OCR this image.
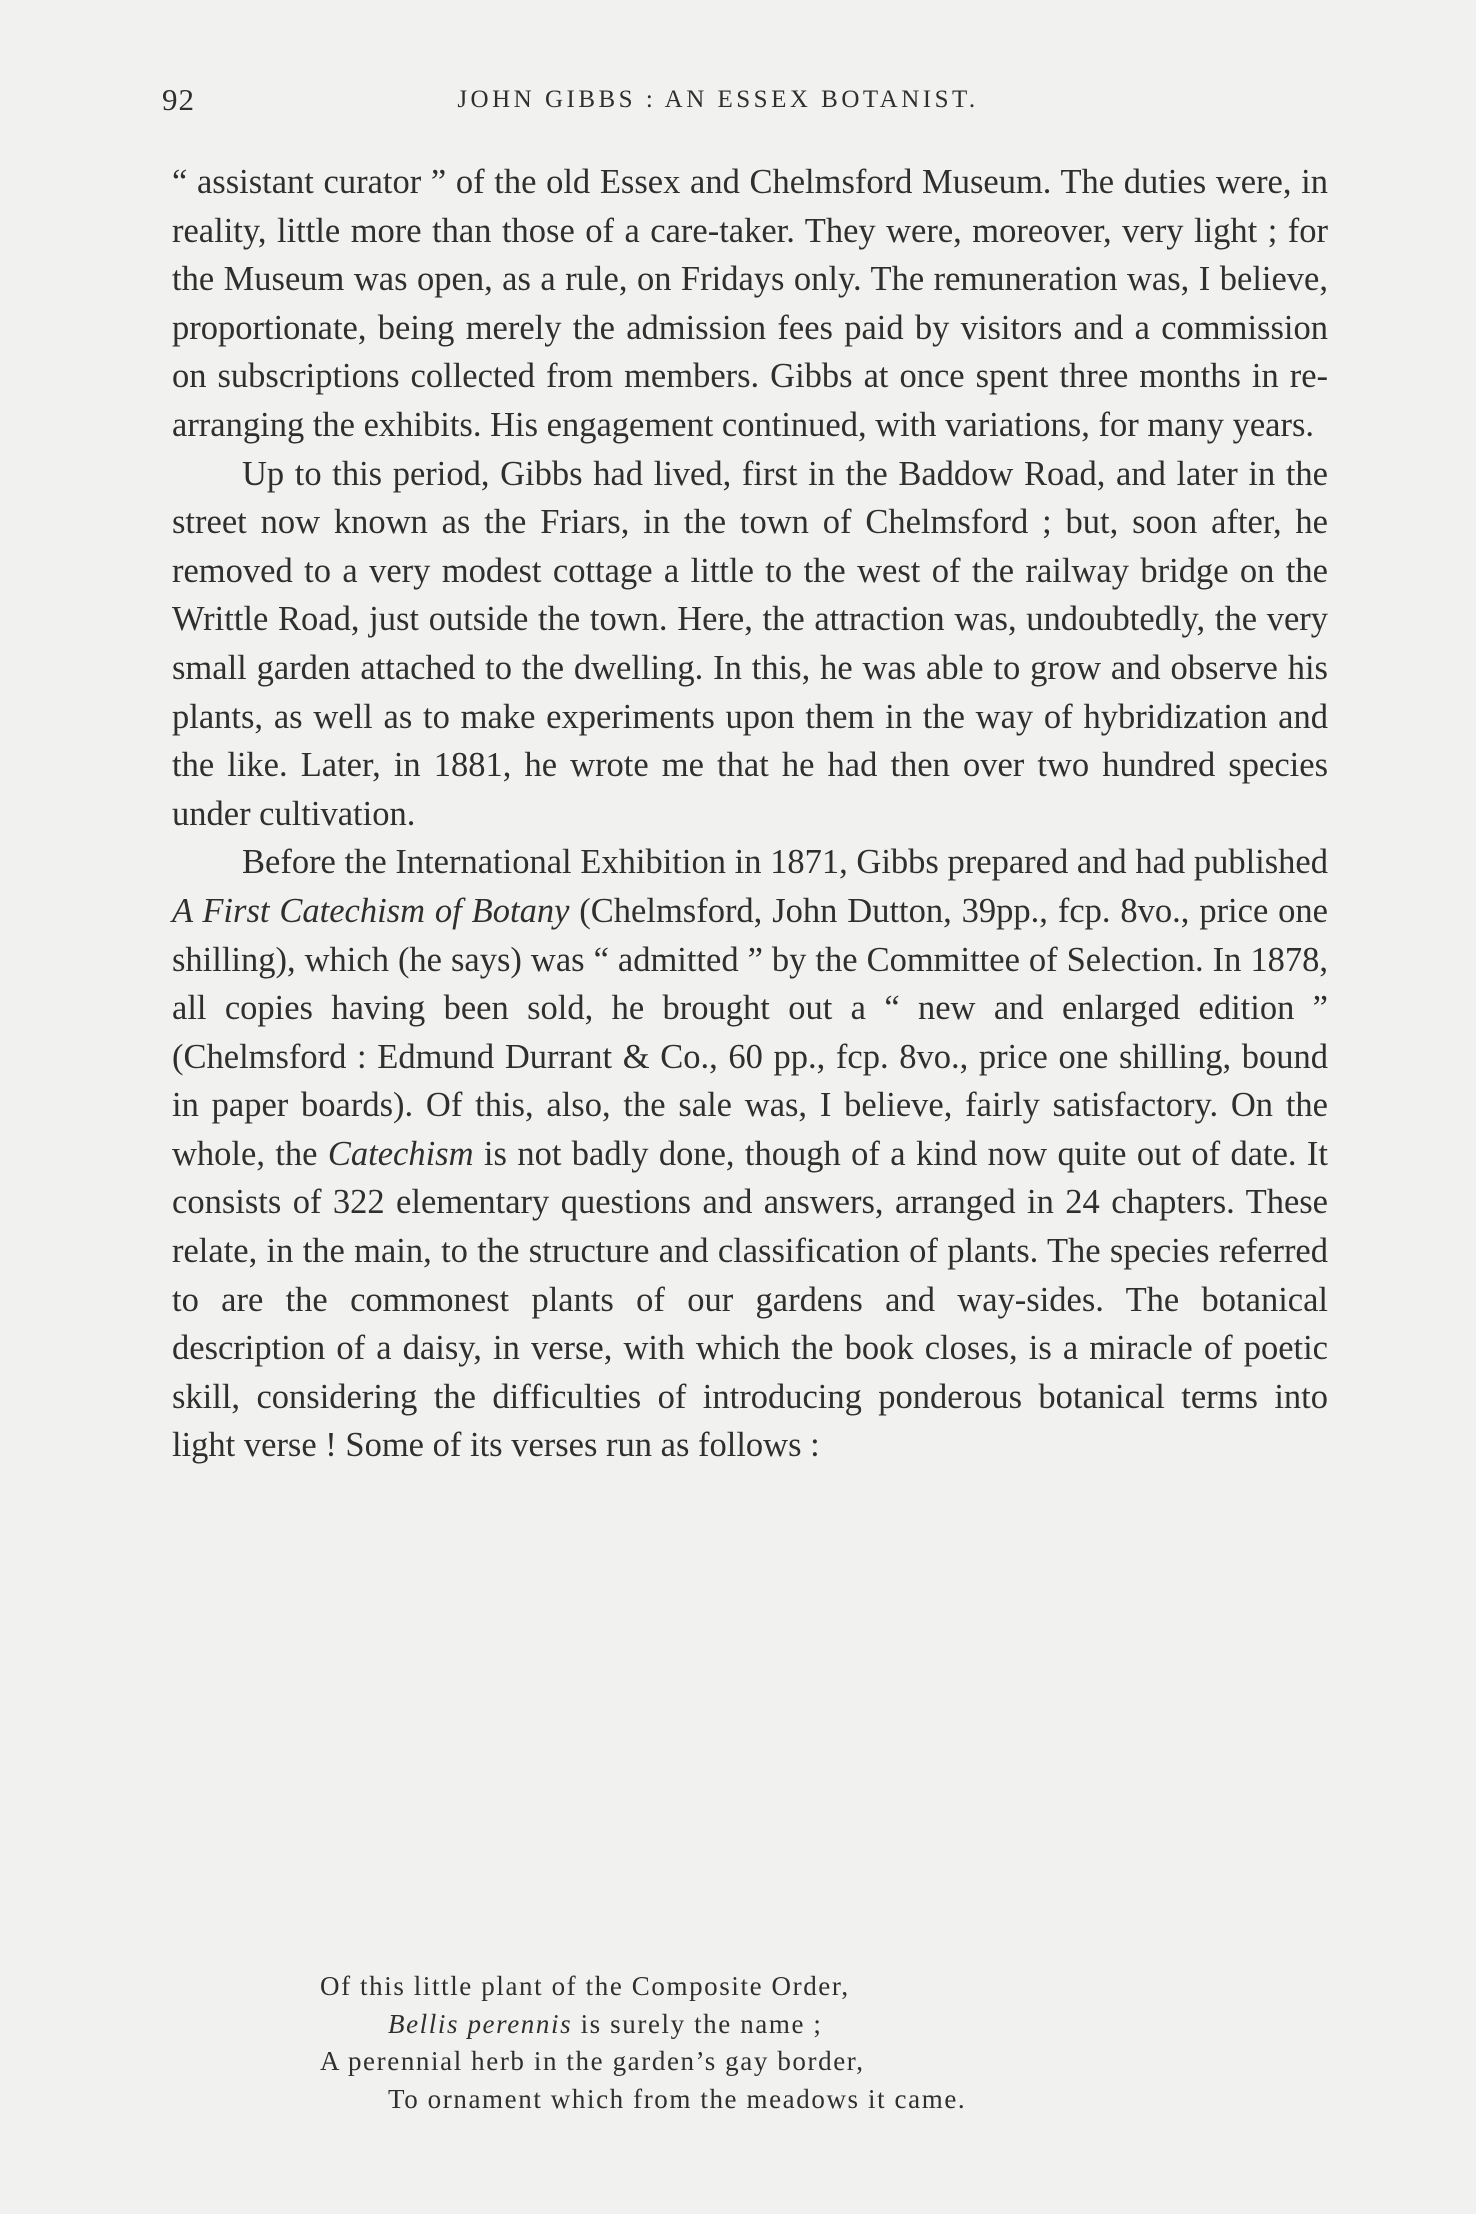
92	JOHN GIBBS : AN ESSEX BOTANIST.

“ assistant curator ” of the old Essex and Chelmsford Museum. The duties were, in reality, little more than those of a care-taker. They were, moreover, very light ; for the Museum was open, as a rule, on Fridays only. The remuneration was, I believe, proportionate, being merely the admission fees paid by visitors and a commission on subscriptions collected from members. Gibbs at once spent three months in re-arranging the exhibits. His engagement continued, with variations, for many years.

Up to this period, Gibbs had lived, first in the Baddow Road, and later in the street now known as the Friars, in the town of Chelmsford ; but, soon after, he removed to a very modest cottage a little to the west of the railway bridge on the Writtle Road, just outside the town. Here, the attraction was, undoubtedly, the very small garden attached to the dwelling. In this, he was able to grow and observe his plants, as well as to make experiments upon them in the way of hybridization and the like. Later, in 1881, he wrote me that he had then over two hundred species under cultivation.

Before the International Exhibition in 1871, Gibbs prepared and had published A First Catechism of Botany (Chelmsford, John Dutton, 39pp., fcp. 8vo., price one shilling), which (he says) was “ admitted ” by the Committee of Selection. In 1878, all copies having been sold, he brought out a “ new and enlarged edition ” (Chelmsford : Edmund Durrant & Co., 60 pp., fcp. 8vo., price one shilling, bound in paper boards). Of this, also, the sale was, I believe, fairly satisfactory. On the whole, the Catechism is not badly done, though of a kind now quite out of date. It consists of 322 elementary questions and answers, arranged in 24 chapters. These relate, in the main, to the structure and classification of plants. The species referred to are the commonest plants of our gardens and way-sides. The botanical description of a daisy, in verse, with which the book closes, is a miracle of poetic skill, considering the difficulties of introducing ponderous botanical terms into light verse ! Some of its verses run as follows :

Of this little plant of the Composite Order,
Bellis perennis is surely the name ;
A perennial herb in the garden’s gay border,
To ornament which from the meadows it came.
